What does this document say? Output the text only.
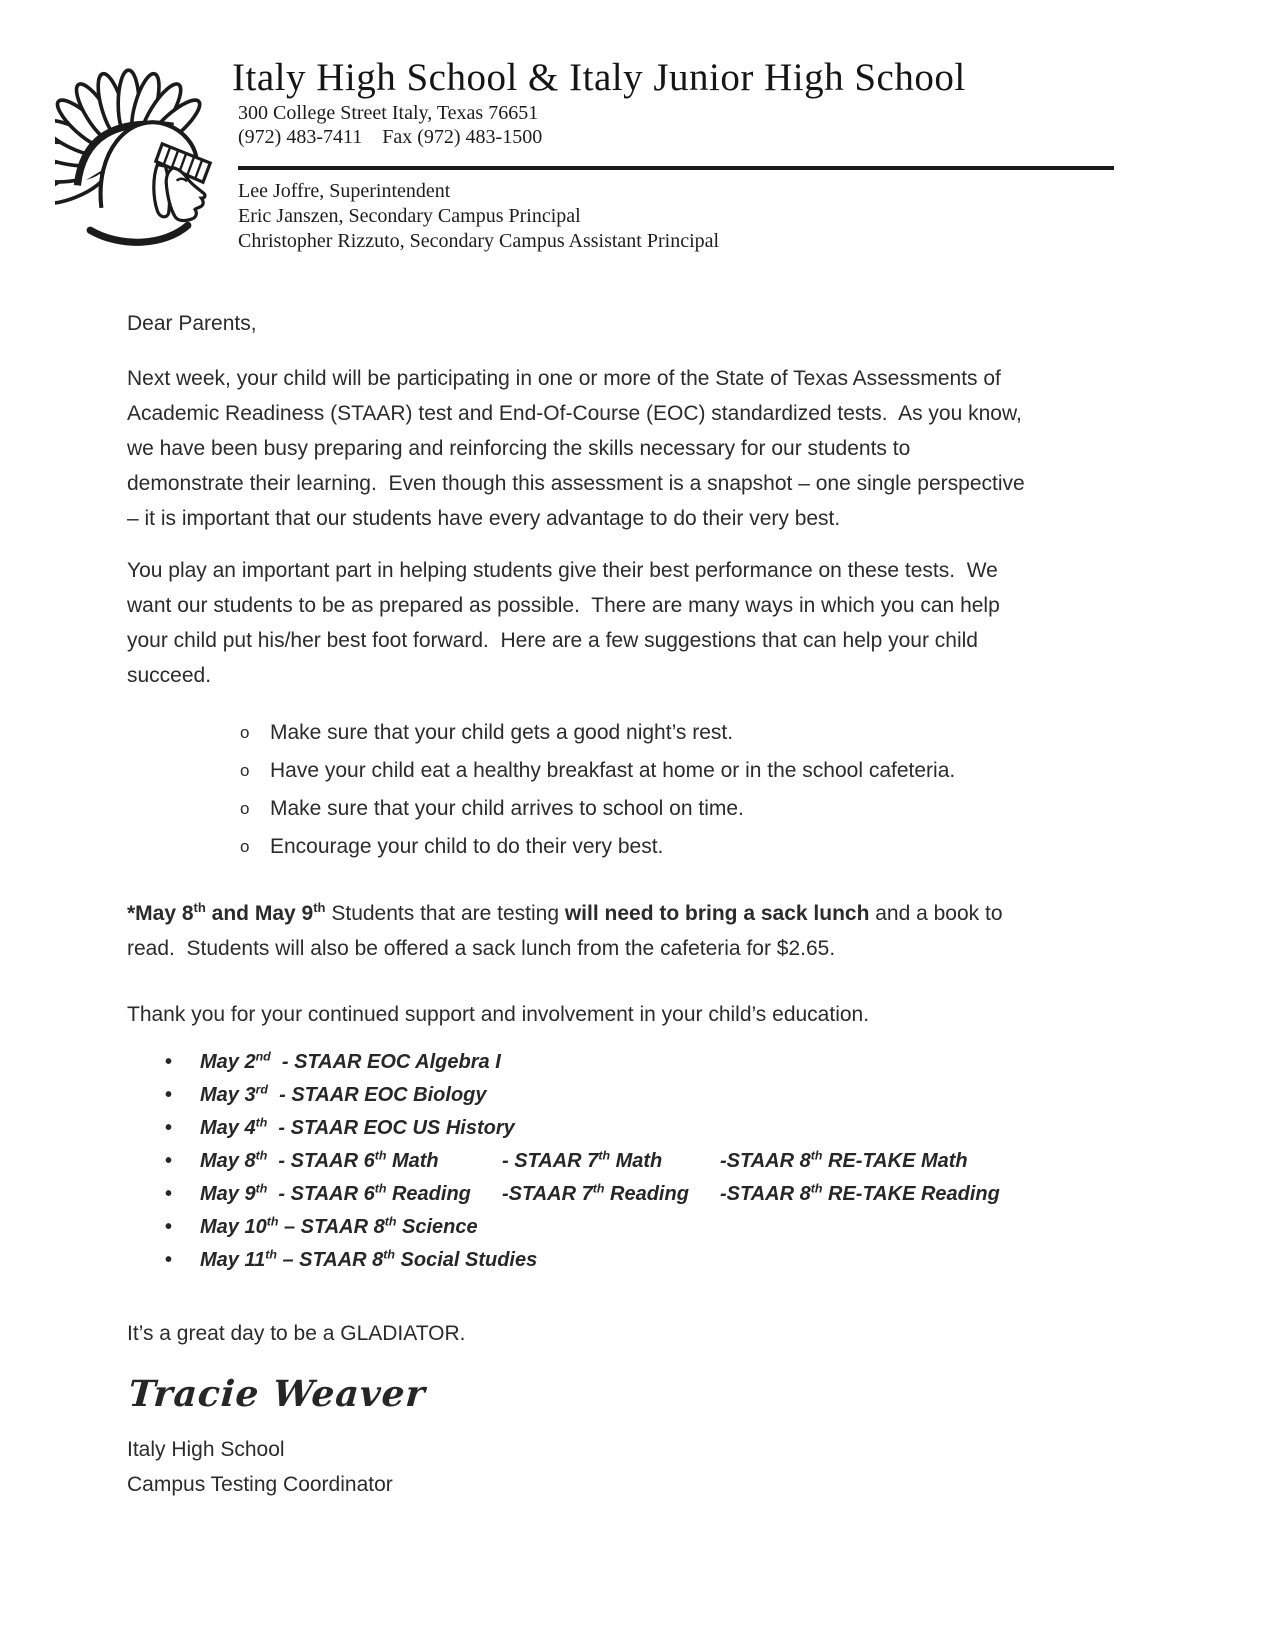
Italy High School & Italy Junior High School
300 College Street Italy, Texas 76651
(972) 483-7411    Fax (972) 483-1500
Lee Joffre, Superintendent
Eric Janszen, Secondary Campus Principal
Christopher Rizzuto, Secondary Campus Assistant Principal

Dear Parents,

Next week, your child will be participating in one or more of the State of Texas Assessments of
Academic Readiness (STAAR) test and End-Of-Course (EOC) standardized tests.  As you know,
we have been busy preparing and reinforcing the skills necessary for our students to
demonstrate their learning.  Even though this assessment is a snapshot – one single perspective
– it is important that our students have every advantage to do their very best.

You play an important part in helping students give their best performance on these tests.  We
want our students to be as prepared as possible.  There are many ways in which you can help
your child put his/her best foot forward.  Here are a few suggestions that can help your child
succeed.

o Make sure that your child gets a good night’s rest.
o Have your child eat a healthy breakfast at home or in the school cafeteria.
o Make sure that your child arrives to school on time.
o Encourage your child to do their very best.

*May 8th and May 9th Students that are testing will need to bring a sack lunch and a book to
read.  Students will also be offered a sack lunch from the cafeteria for $2.65.

Thank you for your continued support and involvement in your child’s education.

• May 2nd  - STAAR EOC Algebra I
• May 3rd  - STAAR EOC Biology
• May 4th  - STAAR EOC US History
• May 8th  - STAAR 6th Math	- STAAR 7th Math	-STAAR 8th RE-TAKE Math
• May 9th  - STAAR 6th Reading -STAAR 7th Reading -STAAR 8th RE-TAKE Reading
• May 10th – STAAR 8th Science
• May 11th – STAAR 8th Social Studies

It’s a great day to be a GLADIATOR.

Tracie Weaver
Italy High School
Campus Testing Coordinator
